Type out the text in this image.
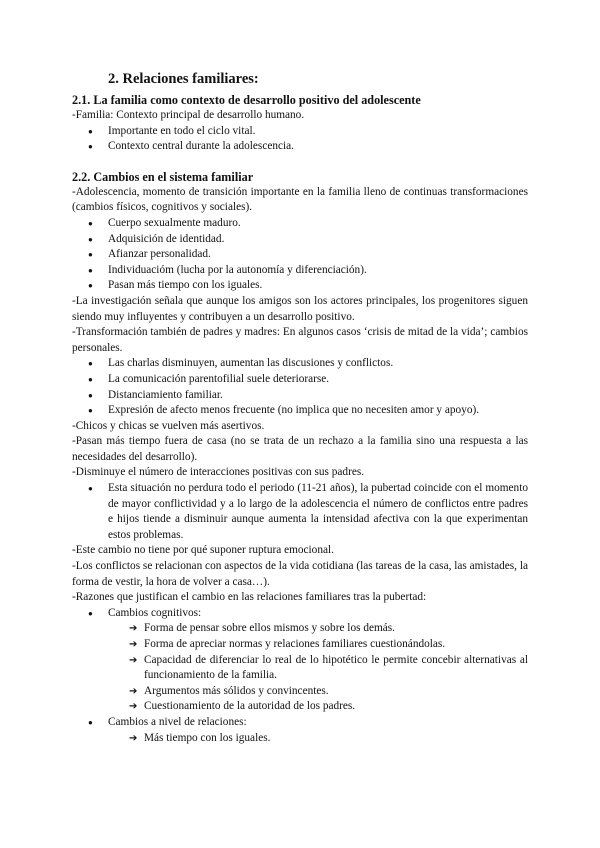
2. Relaciones familiares:
2.1. La familia como contexto de desarrollo positivo del adolescente

-Familia: Contexto principal de desarrollo humano.

● Importante en todo el ciclo vital.
● Contexto central durante la adolescencia.
2.2. Cambios en el sistema familiar

-Adolescencia, momento de transición importante en la familia lleno de continuas transformaciones (cambios físicos, cognitivos y sociales).

● Cuerpo sexualmente maduro.
● Adquisición de identidad.
● Afianzar personalidad.
● Individuacióm (lucha por la autonomía y diferenciación).
● Pasan más tiempo con los iguales.

-La investigación señala que aunque los amigos son los actores principales, los progenitores siguen siendo muy influyentes y contribuyen a un desarrollo positivo.

-Transformación también de padres y madres: En algunos casos ‘crisis de mitad de la vida’; cambios personales.

● Las charlas disminuyen, aumentan las discusiones y conflictos.
● La comunicación parentofilial suele deteriorarse.
● Distanciamiento familiar.
● Expresión de afecto menos frecuente (no implica que no necesiten amor y apoyo).

-Chicos y chicas se vuelven más asertivos.

-Pasan más tiempo fuera de casa (no se trata de un rechazo a la familia sino una respuesta a las necesidades del desarrollo).

-Disminuye el número de interacciones positivas con sus padres.

● Esta situación no perdura todo el periodo (11-21 años), la pubertad coincide con el momento de mayor conflictividad y a lo largo de la adolescencia el número de conflictos entre padres e hijos tiende a disminuir aunque aumenta la intensidad afectiva con la que experimentan estos problemas.

-Este cambio no tiene por qué suponer ruptura emocional.

-Los conflictos se relacionan con aspectos de la vida cotidiana (las tareas de la casa, las amistades, la forma de vestir, la hora de volver a casa…).

-Razones que justifican el cambio en las relaciones familiares tras la pubertad:

● Cambios cognitivos:
➔ Forma de pensar sobre ellos mismos y sobre los demás.
➔ Forma de apreciar normas y relaciones familiares cuestionándolas.
➔ Capacidad de diferenciar lo real de lo hipotético le permite concebir alternativas al funcionamiento de la familia.
➔ Argumentos más sólidos y convincentes.
➔ Cuestionamiento de la autoridad de los padres.
● Cambios a nivel de relaciones:
➔ Más tiempo con los iguales.
